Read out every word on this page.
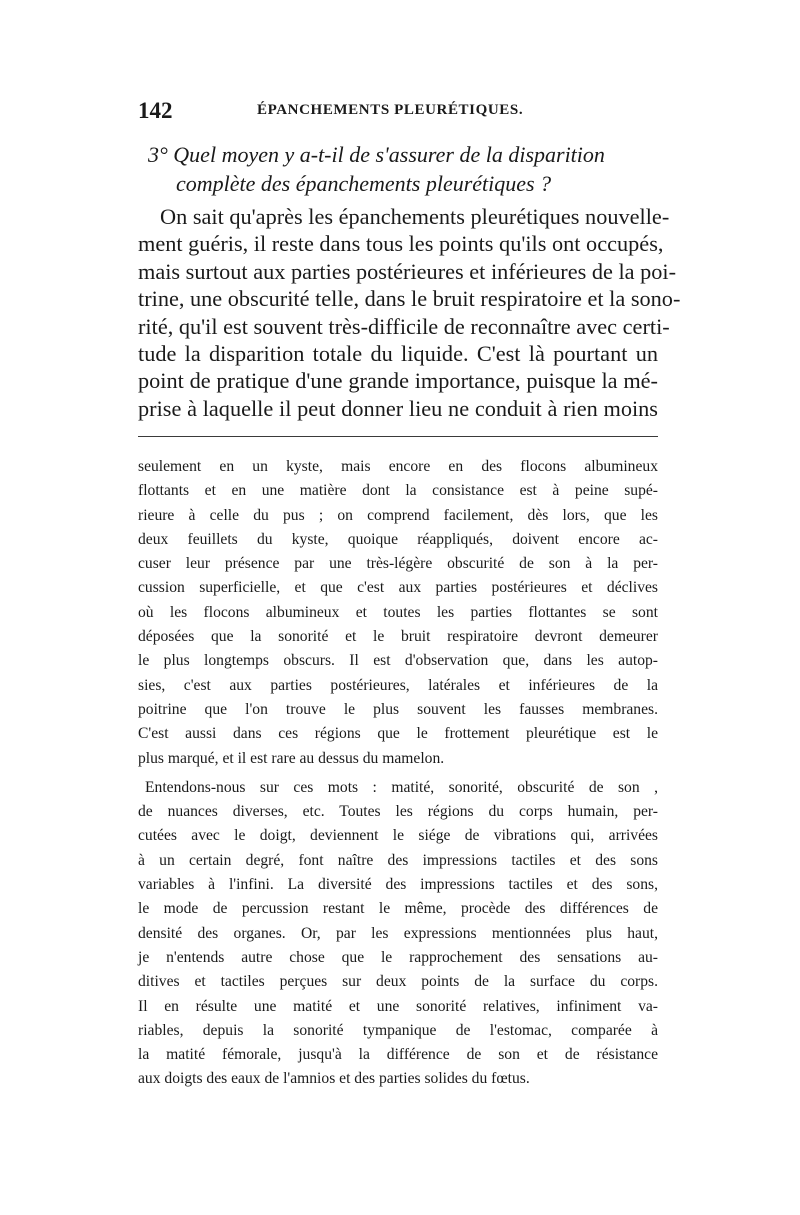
142	ÉPANCHEMENTS PLEURÉTIQUES.
3° Quel moyen y a-t-il de s'assurer de la disparition
complète des épanchements pleurétiques ?
On sait qu'après les épanchements pleurétiques nouvelle-
ment guéris, il reste dans tous les points qu'ils ont occupés,
mais surtout aux parties postérieures et inférieures de la poi-
trine, une obscurité telle, dans le bruit respiratoire et la sono-
rité, qu'il est souvent très-difficile de reconnaître avec certi-
tude la disparition totale du liquide. C'est là pourtant un
point de pratique d'une grande importance, puisque la mé-
prise à laquelle il peut donner lieu ne conduit à rien moins
seulement en un kyste, mais encore en des flocons albumineux
flottants et en une matière dont la consistance est à peine supé-
rieure à celle du pus ; on comprend facilement, dès lors, que les
deux feuillets du kyste, quoique réappliqués, doivent encore ac-
cuser leur présence par une très-légère obscurité de son à la per-
cussion superficielle, et que c'est aux parties postérieures et déclives
où les flocons albumineux et toutes les parties flottantes se sont
déposées que la sonorité et le bruit respiratoire devront demeurer
le plus longtemps obscurs. Il est d'observation que, dans les autop-
sies, c'est aux parties postérieures, latérales et inférieures de la
poitrine que l'on trouve le plus souvent les fausses membranes.
C'est aussi dans ces régions que le frottement pleurétique est le
plus marqué, et il est rare au dessus du mamelon.
Entendons-nous sur ces mots : matité, sonorité, obscurité de son ,
de nuances diverses, etc. Toutes les régions du corps humain, per-
cutées avec le doigt, deviennent le siége de vibrations qui, arrivées
à un certain degré, font naître des impressions tactiles et des sons
variables à l'infini. La diversité des impressions tactiles et des sons,
le mode de percussion restant le même, procède des différences de
densité des organes. Or, par les expressions mentionnées plus haut,
je n'entends autre chose que le rapprochement des sensations au-
ditives et tactiles perçues sur deux points de la surface du corps.
Il en résulte une matité et une sonorité relatives, infiniment va-
riables, depuis la sonorité tympanique de l'estomac, comparée à
la matité fémorale, jusqu'à la différence de son et de résistance
aux doigts des eaux de l'amnios et des parties solides du fœtus.
